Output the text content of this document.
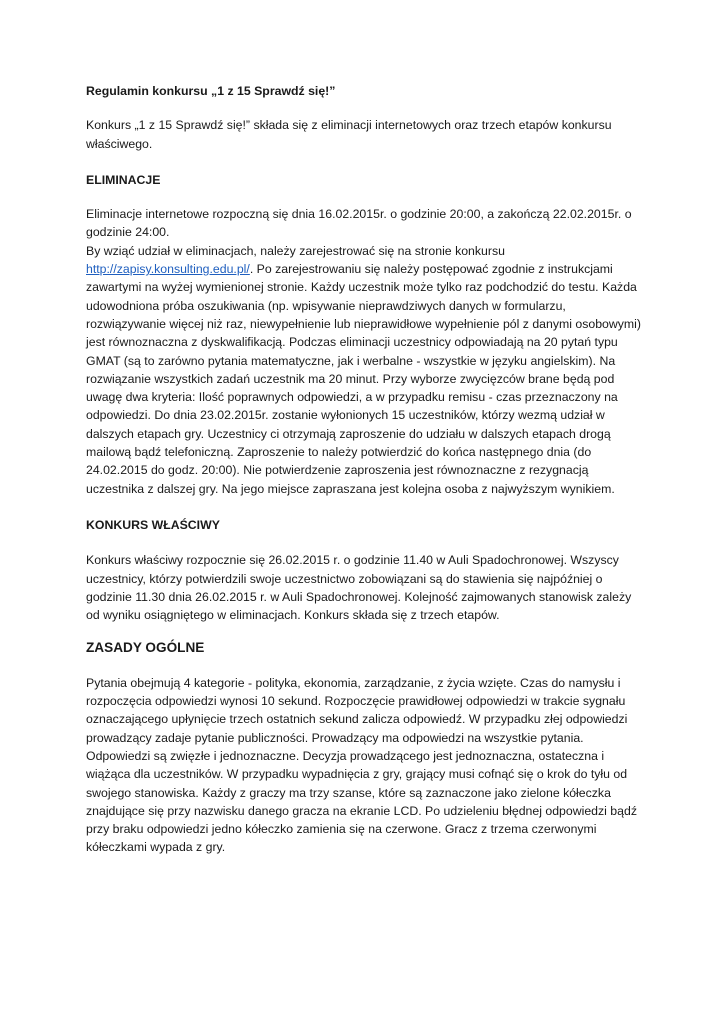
Regulamin konkursu „1 z 15 Sprawdź się!”

Konkurs „1 z 15 Sprawdź się!” składa się z eliminacji internetowych oraz trzech etapów konkursu właściwego.

ELIMINACJE

Eliminacje internetowe rozpoczną się dnia 16.02.2015r. o godzinie 20:00, a zakończą 22.02.2015r. o godzinie 24:00.

By wziąć udział w eliminacjach, należy zarejestrować się na stronie konkursu http://zapisy.konsulting.edu.pl/. Po zarejestrowaniu się należy postępować zgodnie z instrukcjami zawartymi na wyżej wymienionej stronie. Każdy uczestnik może tylko raz podchodzić do testu. Każda udowodniona próba oszukiwania (np. wpisywanie nieprawdziwych danych w formularzu, rozwiązywanie więcej niż raz, niewypełnienie lub nieprawidłowe wypełnienie pól z danymi osobowymi) jest równoznaczna z dyskwalifikacją. Podczas eliminacji uczestnicy odpowiadają na 20 pytań typu GMAT (są to zarówno pytania matematyczne, jak i werbalne - wszystkie w języku angielskim). Na rozwiązanie wszystkich zadań uczestnik ma 20 minut. Przy wyborze zwycięzców brane będą pod uwagę dwa kryteria: Ilość poprawnych odpowiedzi, a w przypadku remisu - czas przeznaczony na odpowiedzi. Do dnia 23.02.2015r. zostanie wyłonionych 15 uczestników, którzy wezmą udział w dalszych etapach gry. Uczestnicy ci otrzymają zaproszenie do udziału w dalszych etapach drogą mailową bądź telefoniczną. Zaproszenie to należy potwierdzić do końca następnego dnia (do 24.02.2015 do godz. 20:00). Nie potwierdzenie zaproszenia jest równoznaczne z rezygnacją uczestnika z dalszej gry. Na jego miejsce zapraszana jest kolejna osoba z najwyższym wynikiem.

KONKURS WŁAŚCIWY

Konkurs właściwy rozpocznie się 26.02.2015 r. o godzinie 11.40 w Auli Spadochronowej. Wszyscy uczestnicy, którzy potwierdzili swoje uczestnictwo zobowiązani są do stawienia się najpóźniej o godzinie 11.30 dnia 26.02.2015 r. w Auli Spadochronowej. Kolejność zajmowanych stanowisk zależy od wyniku osiągniętego w eliminacjach. Konkurs składa się z trzech etapów.

ZASADY OGÓLNE

Pytania obejmują 4 kategorie - polityka, ekonomia, zarządzanie, z życia wzięte. Czas do namysłu i rozpoczęcia odpowiedzi wynosi 10 sekund. Rozpoczęcie prawidłowej odpowiedzi w trakcie sygnału oznaczającego upłynięcie trzech ostatnich sekund zalicza odpowiedź. W przypadku złej odpowiedzi prowadzący zadaje pytanie publiczności. Prowadzący ma odpowiedzi na wszystkie pytania. Odpowiedzi są zwięzłe i jednoznaczne. Decyzja prowadzącego jest jednoznaczna, ostateczna i wiążąca dla uczestników. W przypadku wypadnięcia z gry, grający musi cofnąć się o krok do tyłu od swojego stanowiska. Każdy z graczy ma trzy szanse, które są zaznaczone jako zielone kółeczka znajdujące się przy nazwisku danego gracza na ekranie LCD. Po udzieleniu błędnej odpowiedzi bądź przy braku odpowiedzi jedno kółeczko zamienia się na czerwone. Gracz z trzema czerwonymi kółeczkami wypada z gry.
